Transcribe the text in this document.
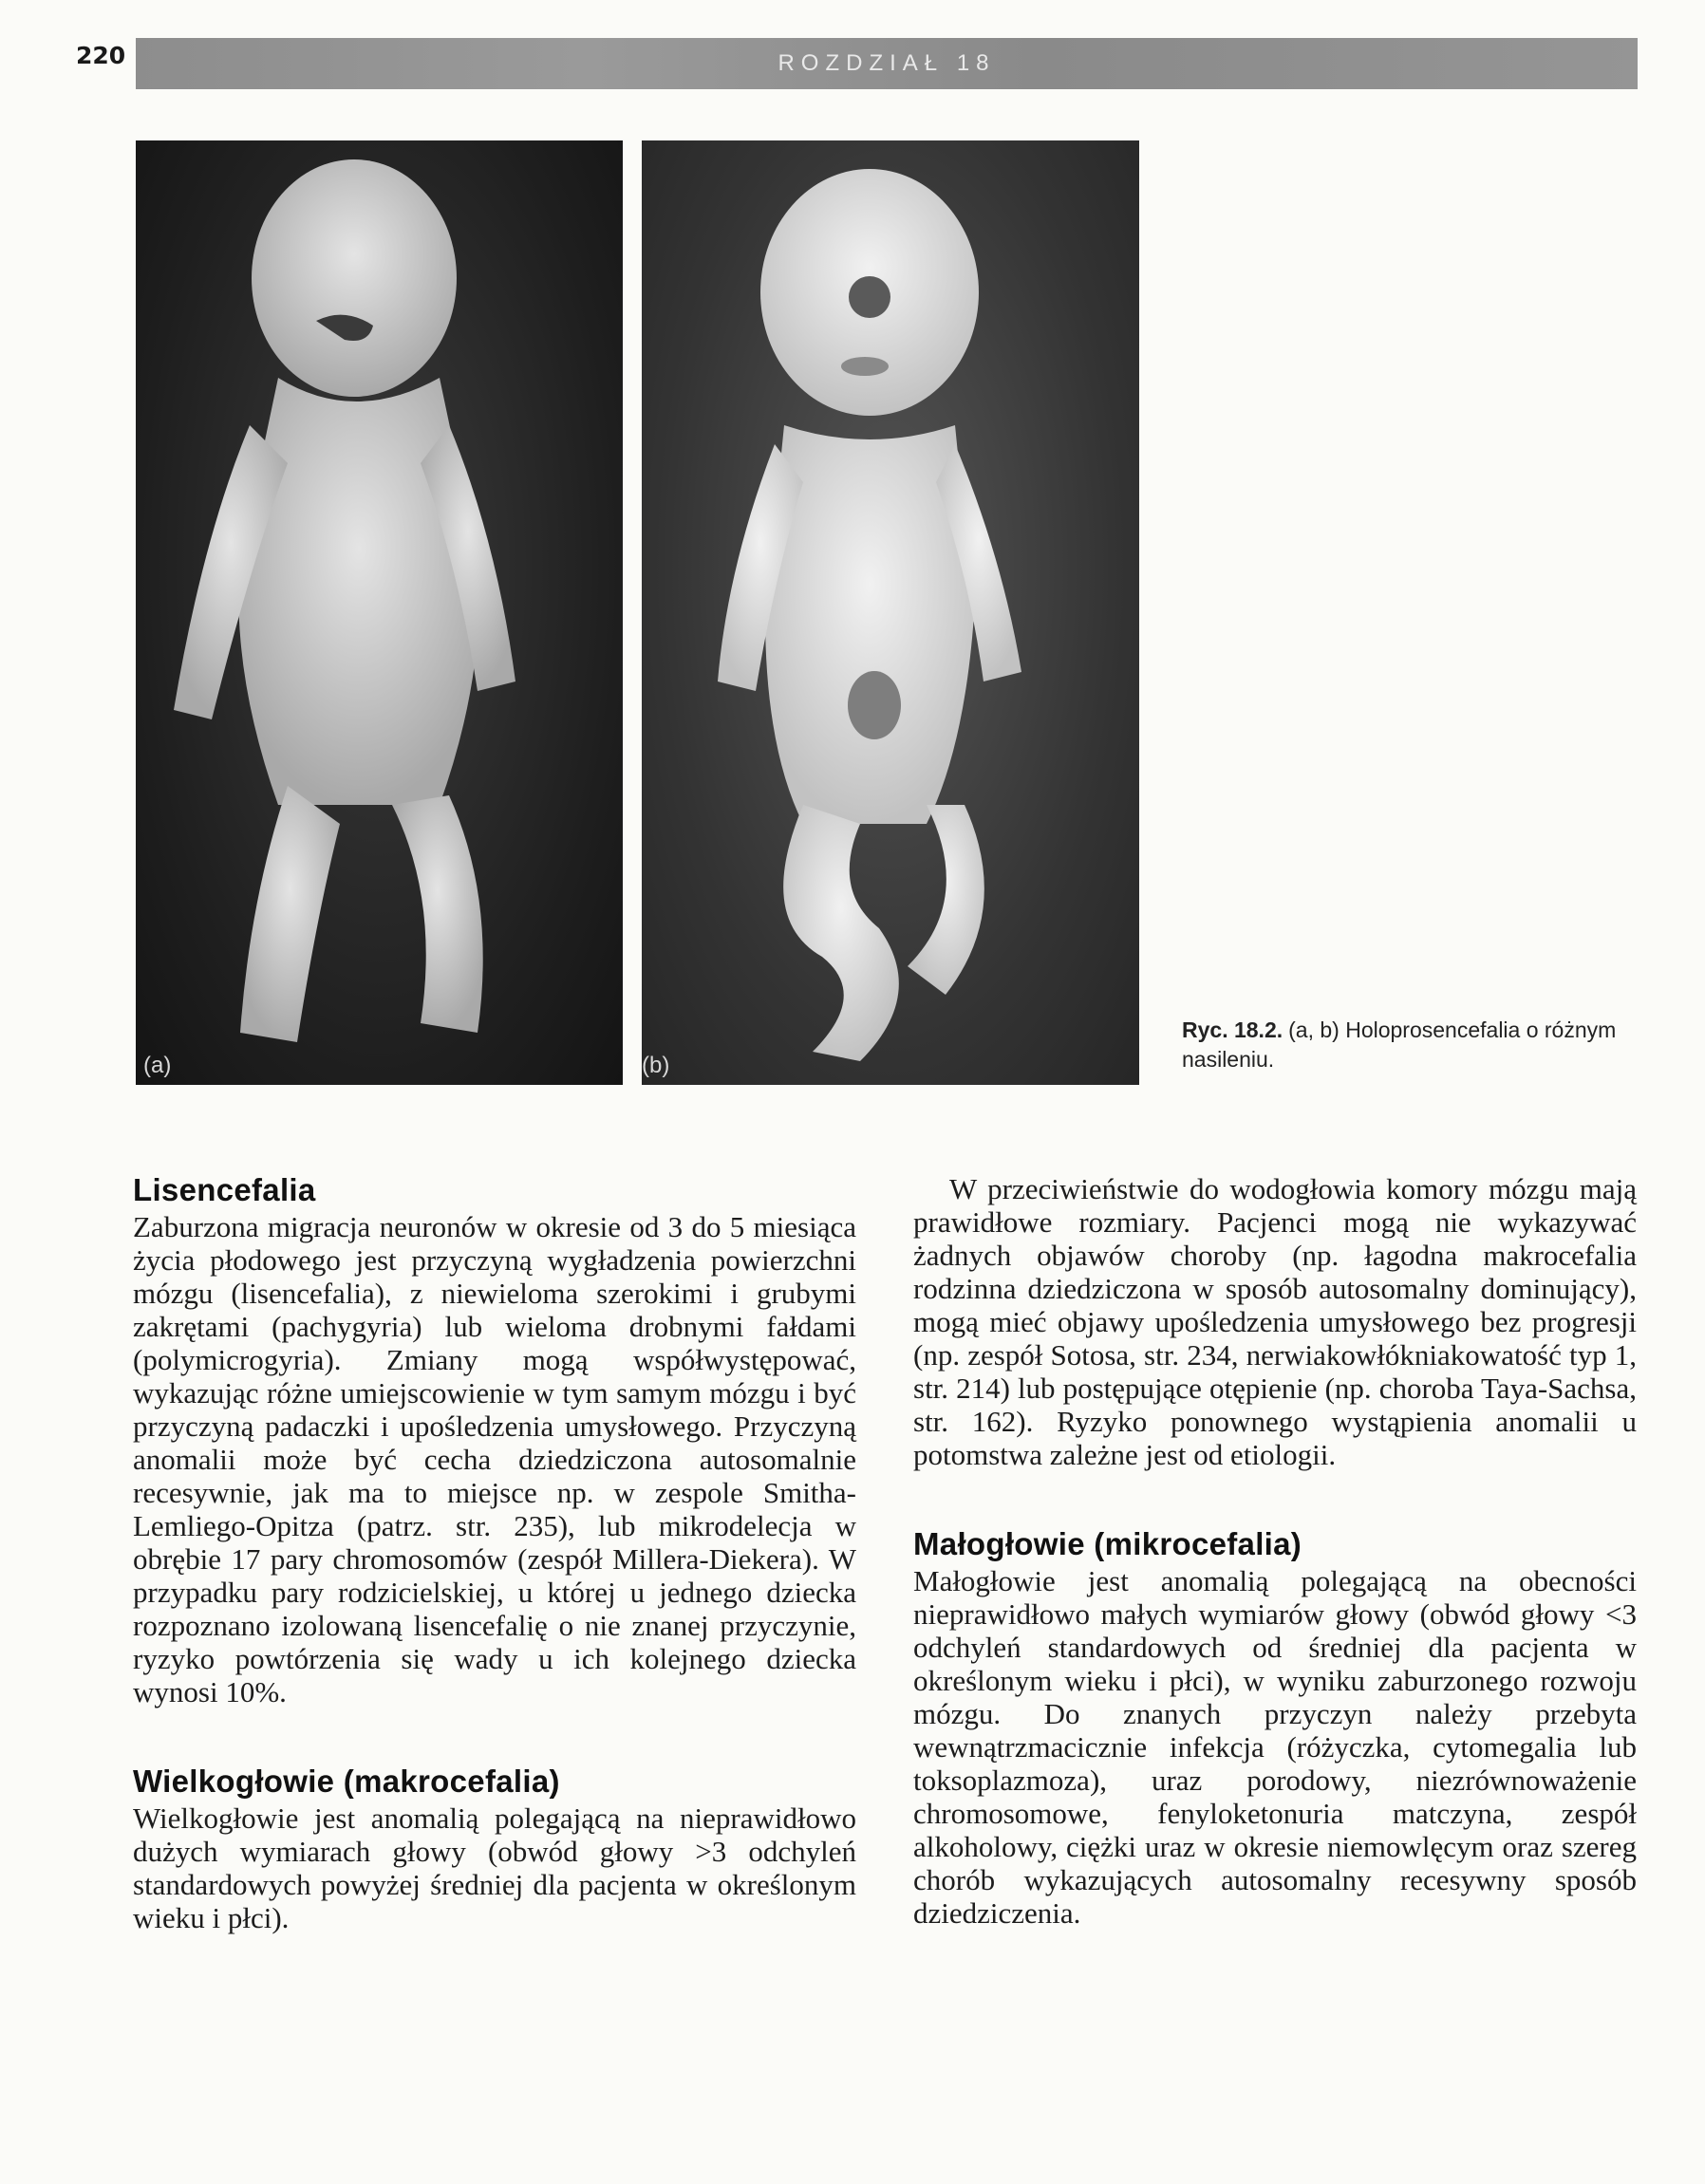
220	ROZDZIAŁ 18
(a)	(b)
Ryc. 18.2. (a, b) Holoprosencefalia o różnym nasileniu.
Lisencefalia

Zaburzona migracja neuronów w okresie od 3 do 5 miesiąca życia płodowego jest przyczyną wygładzenia powierzchni mózgu (lisencefalia), z niewieloma szerokimi i grubymi zakrętami (pachygyria) lub wieloma drobnymi fałdami (polymicrogyria). Zmiany mogą współwystępować, wykazując różne umiejscowienie w tym samym mózgu i być przyczyną padaczki i upośledzenia umysłowego. Przyczyną anomalii może być cecha dziedziczona autosomalnie recesywnie, jak ma to miejsce np. w zespole Smitha-Lemliego-Opitza (patrz. str. 235), lub mikrodelecja w obrębie 17 pary chromosomów (zespół Millera-Diekera). W przypadku pary rodzicielskiej, u której u jednego dziecka rozpoznano izolowaną lisencefalię o nie znanej przyczynie, ryzyko powtórzenia się wady u ich kolejnego dziecka wynosi 10%.

Wielkogłowie (makrocefalia)

Wielkogłowie jest anomalią polegającą na nieprawidłowo dużych wymiarach głowy (obwód głowy >3 odchyleń standardowych powyżej średniej dla pacjenta w określonym wieku i płci).

W przeciwieństwie do wodogłowia komory mózgu mają prawidłowe rozmiary. Pacjenci mogą nie wykazywać żadnych objawów choroby (np. łagodna makrocefalia rodzinna dziedziczona w sposób autosomalny dominujący), mogą mieć objawy upośledzenia umysłowego bez progresji (np. zespół Sotosa, str. 234, nerwiakowłókniakowatość typ 1, str. 214) lub postępujące otępienie (np. choroba Taya-Sachsa, str. 162). Ryzyko ponownego wystąpienia anomalii u potomstwa zależne jest od etiologii.

Małogłowie (mikrocefalia)

Małogłowie jest anomalią polegającą na obecności nieprawidłowo małych wymiarów głowy (obwód głowy <3 odchyleń standardowych od średniej dla pacjenta w określonym wieku i płci), w wyniku zaburzonego rozwoju mózgu. Do znanych przyczyn należy przebyta wewnątrzmacicznie infekcja (różyczka, cytomegalia lub toksoplazmoza), uraz porodowy, niezrównoważenie chromosomowe, fenyloketonuria matczyna, zespół alkoholowy, ciężki uraz w okresie niemowlęcym oraz szereg chorób wykazujących autosomalny recesywny sposób dziedziczenia.
